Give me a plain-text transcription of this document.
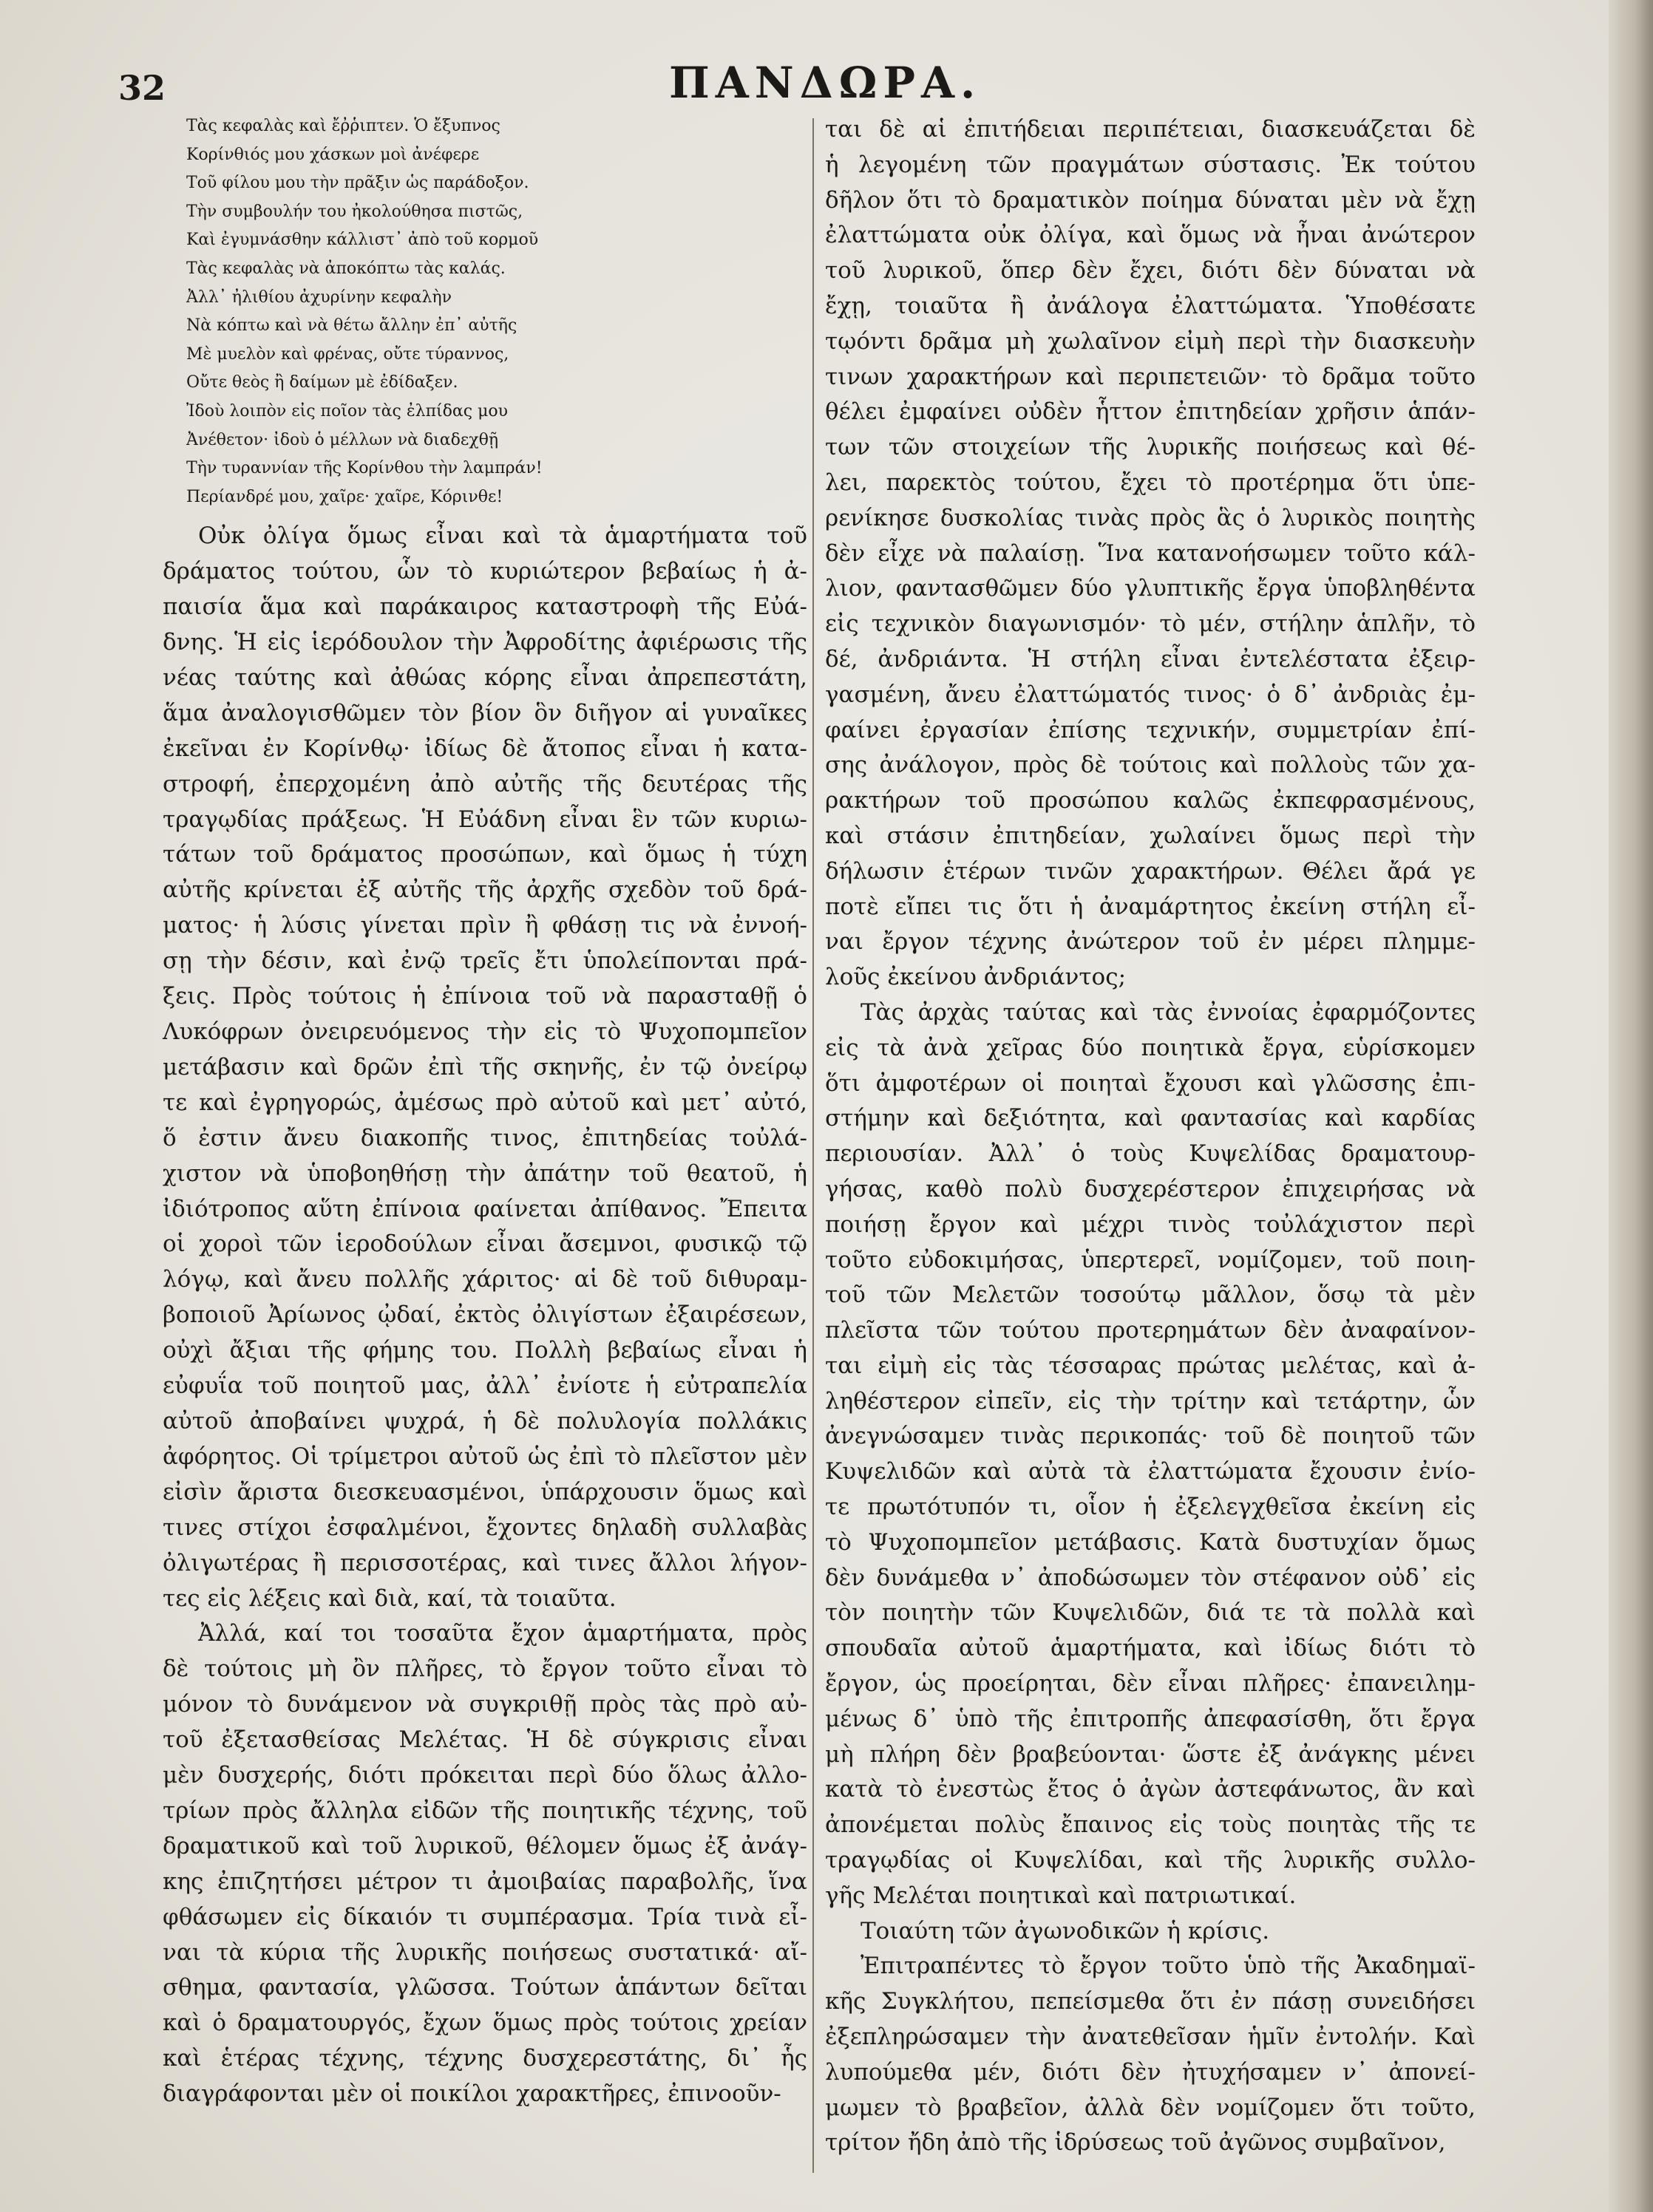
32	ΠΑΝΔΩΡΑ.
Τὰς κεφαλὰς καὶ ἔῤῥιπτεν. Ὁ ἔξυπνος
Κορίνθιός μου χάσκων μοὶ ἀνέφερε
Τοῦ φίλου μου τὴν πρᾶξιν ὡς παράδοξον.
Τὴν συμβουλήν του ἠκολούθησα πιστῶς,
Καὶ ἐγυμνάσθην κάλλιστ᾽ ἀπὸ τοῦ κορμοῦ
Τὰς κεφαλὰς νὰ ἀποκόπτω τὰς καλάς.
Ἀλλ᾽ ἠλιθίου ἀχυρίνην κεφαλὴν
Νὰ κόπτω καὶ νὰ θέτω ἄλλην ἐπ᾽ αὐτῆς
Μὲ μυελὸν καὶ φρένας, οὔτε τύραννος,
Οὔτε θεὸς ἢ δαίμων μὲ ἐδίδαξεν.
Ἰδοὺ λοιπὸν εἰς ποῖον τὰς ἐλπίδας μου
Ἀνέθετον· ἰδοὺ ὁ μέλλων νὰ διαδεχθῇ
Τὴν τυραννίαν τῆς Κορίνθου τὴν λαμπράν!
Περίανδρέ μου, χαῖρε· χαῖρε, Κόρινθε!
Οὐκ ὀλίγα ὅμως εἶναι καὶ τὰ ἁμαρτήματα τοῦ
δράματος τούτου, ὧν τὸ κυριώτερον βεβαίως ἡ ἀ-
παισία ἅμα καὶ παράκαιρος καταστροφὴ τῆς Εὐά-
δνης. Ἡ εἰς ἱερόδουλον τὴν Ἀφροδίτης ἀφιέρωσις τῆς
νέας ταύτης καὶ ἀθώας κόρης εἶναι ἀπρεπεστάτη,
ἅμα ἀναλογισθῶμεν τὸν βίον ὃν διῆγον αἱ γυναῖκες
ἐκεῖναι ἐν Κορίνθῳ· ἰδίως δὲ ἄτοπος εἶναι ἡ κατα-
στροφή, ἐπερχομένη ἀπὸ αὐτῆς τῆς δευτέρας τῆς
τραγῳδίας πράξεως. Ἡ Εὐάδνη εἶναι ἓν τῶν κυριω-
τάτων τοῦ δράματος προσώπων, καὶ ὅμως ἡ τύχη
αὐτῆς κρίνεται ἐξ αὐτῆς τῆς ἀρχῆς σχεδὸν τοῦ δρά-
ματος· ἡ λύσις γίνεται πρὶν ἢ φθάσῃ τις νὰ ἐννοή-
σῃ τὴν δέσιν, καὶ ἐνῷ τρεῖς ἔτι ὑπολείπονται πρά-
ξεις. Πρὸς τούτοις ἡ ἐπίνοια τοῦ νὰ παρασταθῇ ὁ
Λυκόφρων ὀνειρευόμενος τὴν εἰς τὸ Ψυχοπομπεῖον
μετάβασιν καὶ δρῶν ἐπὶ τῆς σκηνῆς, ἐν τῷ ὀνείρῳ
τε καὶ ἐγρηγορώς, ἀμέσως πρὸ αὐτοῦ καὶ μετ᾽ αὐτό,
ὅ ἐστιν ἄνευ διακοπῆς τινος, ἐπιτηδείας τοὐλά-
χιστον νὰ ὑποβοηθήσῃ τὴν ἀπάτην τοῦ θεατοῦ, ἡ
ἰδιότροπος αὕτη ἐπίνοια φαίνεται ἀπίθανος. Ἔπειτα
οἱ χοροὶ τῶν ἱεροδούλων εἶναι ἄσεμνοι, φυσικῷ τῷ
λόγῳ, καὶ ἄνευ πολλῆς χάριτος· αἱ δὲ τοῦ διθυραμ-
βοποιοῦ Ἀρίωνος ᾠδαί, ἐκτὸς ὀλιγίστων ἐξαιρέσεων,
οὐχὶ ἄξιαι τῆς φήμης του. Πολλὴ βεβαίως εἶναι ἡ
εὐφυΐα τοῦ ποιητοῦ μας, ἀλλ᾽ ἐνίοτε ἡ εὐτραπελία
αὐτοῦ ἀποβαίνει ψυχρά, ἡ δὲ πολυλογία πολλάκις
ἀφόρητος. Οἱ τρίμετροι αὐτοῦ ὡς ἐπὶ τὸ πλεῖστον μὲν
εἰσὶν ἄριστα διεσκευασμένοι, ὑπάρχουσιν ὅμως καὶ
τινες στίχοι ἐσφαλμένοι, ἔχοντες δηλαδὴ συλλαβὰς
ὀλιγωτέρας ἢ περισσοτέρας, καὶ τινες ἄλλοι λήγον-
τες εἰς λέξεις καὶ διὰ, καί, τὰ τοιαῦτα.
Ἀλλά, καί τοι τοσαῦτα ἔχον ἁμαρτήματα, πρὸς
δὲ τούτοις μὴ ὂν πλῆρες, τὸ ἔργον τοῦτο εἶναι τὸ
μόνον τὸ δυνάμενον νὰ συγκριθῇ πρὸς τὰς πρὸ αὐ-
τοῦ ἐξετασθείσας Μελέτας. Ἡ δὲ σύγκρισις εἶναι
μὲν δυσχερής, διότι πρόκειται περὶ δύο ὅλως ἀλλο-
τρίων πρὸς ἄλληλα εἰδῶν τῆς ποιητικῆς τέχνης, τοῦ
δραματικοῦ καὶ τοῦ λυρικοῦ, θέλομεν ὅμως ἐξ ἀνάγ-
κης ἐπιζητήσει μέτρον τι ἀμοιβαίας παραβολῆς, ἵνα
φθάσωμεν εἰς δίκαιόν τι συμπέρασμα. Τρία τινὰ εἶ-
ναι τὰ κύρια τῆς λυρικῆς ποιήσεως συστατικά· αἴ-
σθημα, φαντασία, γλῶσσα. Τούτων ἁπάντων δεῖται
καὶ ὁ δραματουργός, ἔχων ὅμως πρὸς τούτοις χρείαν
καὶ ἑτέρας τέχνης, τέχνης δυσχερεστάτης, δι᾽ ἧς
διαγράφονται μὲν οἱ ποικίλοι χαρακτῆρες, ἐπινοοῦν-
ται δὲ αἱ ἐπιτήδειαι περιπέτειαι, διασκευάζεται δὲ
ἡ λεγομένη τῶν πραγμάτων σύστασις. Ἐκ τούτου
δῆλον ὅτι τὸ δραματικὸν ποίημα δύναται μὲν νὰ ἔχῃ
ἐλαττώματα οὐκ ὀλίγα, καὶ ὅμως νὰ ἦναι ἀνώτερον
τοῦ λυρικοῦ, ὅπερ δὲν ἔχει, διότι δὲν δύναται νὰ
ἔχῃ, τοιαῦτα ἢ ἀνάλογα ἐλαττώματα. Ὑποθέσατε
τῳόντι δρᾶμα μὴ χωλαῖνον εἰμὴ περὶ τὴν διασκευὴν
τινων χαρακτήρων καὶ περιπετειῶν· τὸ δρᾶμα τοῦτο
θέλει ἐμφαίνει οὐδὲν ἧττον ἐπιτηδείαν χρῆσιν ἁπάν-
των τῶν στοιχείων τῆς λυρικῆς ποιήσεως καὶ θέ-
λει, παρεκτὸς τούτου, ἔχει τὸ προτέρημα ὅτι ὑπε-
ρενίκησε δυσκολίας τινὰς πρὸς ἃς ὁ λυρικὸς ποιητὴς
δὲν εἶχε νὰ παλαίσῃ. Ἵνα κατανοήσωμεν τοῦτο κάλ-
λιον, φαντασθῶμεν δύο γλυπτικῆς ἔργα ὑποβληθέντα
εἰς τεχνικὸν διαγωνισμόν· τὸ μέν, στήλην ἁπλῆν, τὸ
δέ, ἀνδριάντα. Ἡ στήλη εἶναι ἐντελέστατα ἐξειρ-
γασμένη, ἄνευ ἐλαττώματός τινος· ὁ δ᾽ ἀνδριὰς ἐμ-
φαίνει ἐργασίαν ἐπίσης τεχνικήν, συμμετρίαν ἐπί-
σης ἀνάλογον, πρὸς δὲ τούτοις καὶ πολλοὺς τῶν χα-
ρακτήρων τοῦ προσώπου καλῶς ἐκπεφρασμένους,
καὶ στάσιν ἐπιτηδείαν, χωλαίνει ὅμως περὶ τὴν
δήλωσιν ἑτέρων τινῶν χαρακτήρων. Θέλει ἄρά γε
ποτὲ εἴπει τις ὅτι ἡ ἀναμάρτητος ἐκείνη στήλη εἶ-
ναι ἔργον τέχνης ἀνώτερον τοῦ ἐν μέρει πλημμε-
λοῦς ἐκείνου ἀνδριάντος;
Τὰς ἀρχὰς ταύτας καὶ τὰς ἐννοίας ἐφαρμόζοντες
εἰς τὰ ἀνὰ χεῖρας δύο ποιητικὰ ἔργα, εὑρίσκομεν
ὅτι ἀμφοτέρων οἱ ποιηταὶ ἔχουσι καὶ γλῶσσης ἐπι-
στήμην καὶ δεξιότητα, καὶ φαντασίας καὶ καρδίας
περιουσίαν. Ἀλλ᾽ ὁ τοὺς Κυψελίδας δραματουρ-
γήσας, καθὸ πολὺ δυσχερέστερον ἐπιχειρήσας νὰ
ποιήσῃ ἔργον καὶ μέχρι τινὸς τοὐλάχιστον περὶ
τοῦτο εὐδοκιμήσας, ὑπερτερεῖ, νομίζομεν, τοῦ ποιη-
τοῦ τῶν Μελετῶν τοσούτῳ μᾶλλον, ὅσῳ τὰ μὲν
πλεῖστα τῶν τούτου προτερημάτων δὲν ἀναφαίνον-
ται εἰμὴ εἰς τὰς τέσσαρας πρώτας μελέτας, καὶ ἀ-
ληθέστερον εἰπεῖν, εἰς τὴν τρίτην καὶ τετάρτην, ὧν
ἀνεγνώσαμεν τινὰς περικοπάς· τοῦ δὲ ποιητοῦ τῶν
Κυψελιδῶν καὶ αὐτὰ τὰ ἐλαττώματα ἔχουσιν ἐνίο-
τε πρωτότυπόν τι, οἷον ἡ ἐξελεγχθεῖσα ἐκείνη εἰς
τὸ Ψυχοπομπεῖον μετάβασις. Κατὰ δυστυχίαν ὅμως
δὲν δυνάμεθα ν᾽ ἀποδώσωμεν τὸν στέφανον οὐδ᾽ εἰς
τὸν ποιητὴν τῶν Κυψελιδῶν, διά τε τὰ πολλὰ καὶ
σπουδαῖα αὐτοῦ ἁμαρτήματα, καὶ ἰδίως διότι τὸ
ἔργον, ὡς προείρηται, δὲν εἶναι πλῆρες· ἐπανειλημ-
μένως δ᾽ ὑπὸ τῆς ἐπιτροπῆς ἀπεφασίσθη, ὅτι ἔργα
μὴ πλήρη δὲν βραβεύονται· ὥστε ἐξ ἀνάγκης μένει
κατὰ τὸ ἐνεστὼς ἔτος ὁ ἀγὼν ἀστεφάνωτος, ἂν καὶ
ἀπονέμεται πολὺς ἔπαινος εἰς τοὺς ποιητὰς τῆς τε
τραγῳδίας οἱ Κυψελίδαι, καὶ τῆς λυρικῆς συλλο-
γῆς Μελέται ποιητικαὶ καὶ πατριωτικαί.
Τοιαύτη τῶν ἀγωνοδικῶν ἡ κρίσις.
Ἐπιτραπέντες τὸ ἔργον τοῦτο ὑπὸ τῆς Ἀκαδημαϊ-
κῆς Συγκλήτου, πεπείσμεθα ὅτι ἐν πάσῃ συνειδήσει
ἐξεπληρώσαμεν τὴν ἀνατεθεῖσαν ἡμῖν ἐντολήν. Καὶ
λυπούμεθα μέν, διότι δὲν ἠτυχήσαμεν ν᾽ ἀπονεί-
μωμεν τὸ βραβεῖον, ἀλλὰ δὲν νομίζομεν ὅτι τοῦτο,
τρίτον ἤδη ἀπὸ τῆς ἱδρύσεως τοῦ ἀγῶνος συμβαῖνον,
